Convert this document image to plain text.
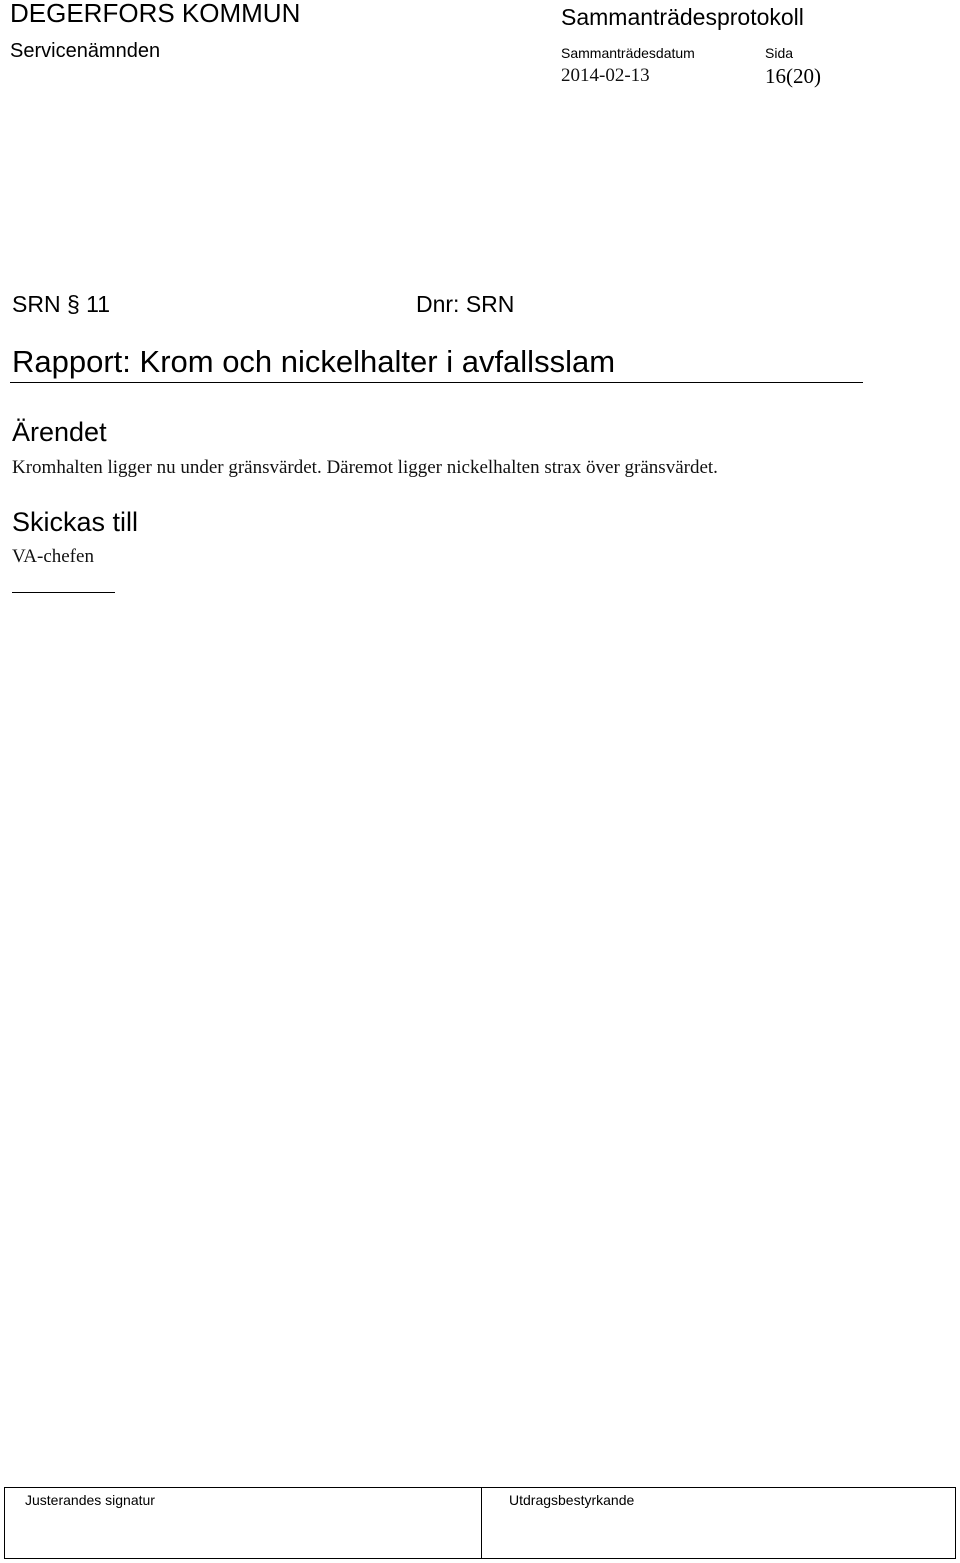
DEGERFORS KOMMUN
Servicenämnden
Sammanträdesprotokoll
Sammanträdesdatum
2014-02-13
Sida
16(20)
SRN § 11	Dnr: SRN
Rapport: Krom och nickelhalter i avfallsslam
Ärendet
Kromhalten ligger nu under gränsvärdet. Däremot ligger nickelhalten strax över gränsvärdet.
Skickas till
VA-chefen
Justerandes signatur	Utdragsbestyrkande
